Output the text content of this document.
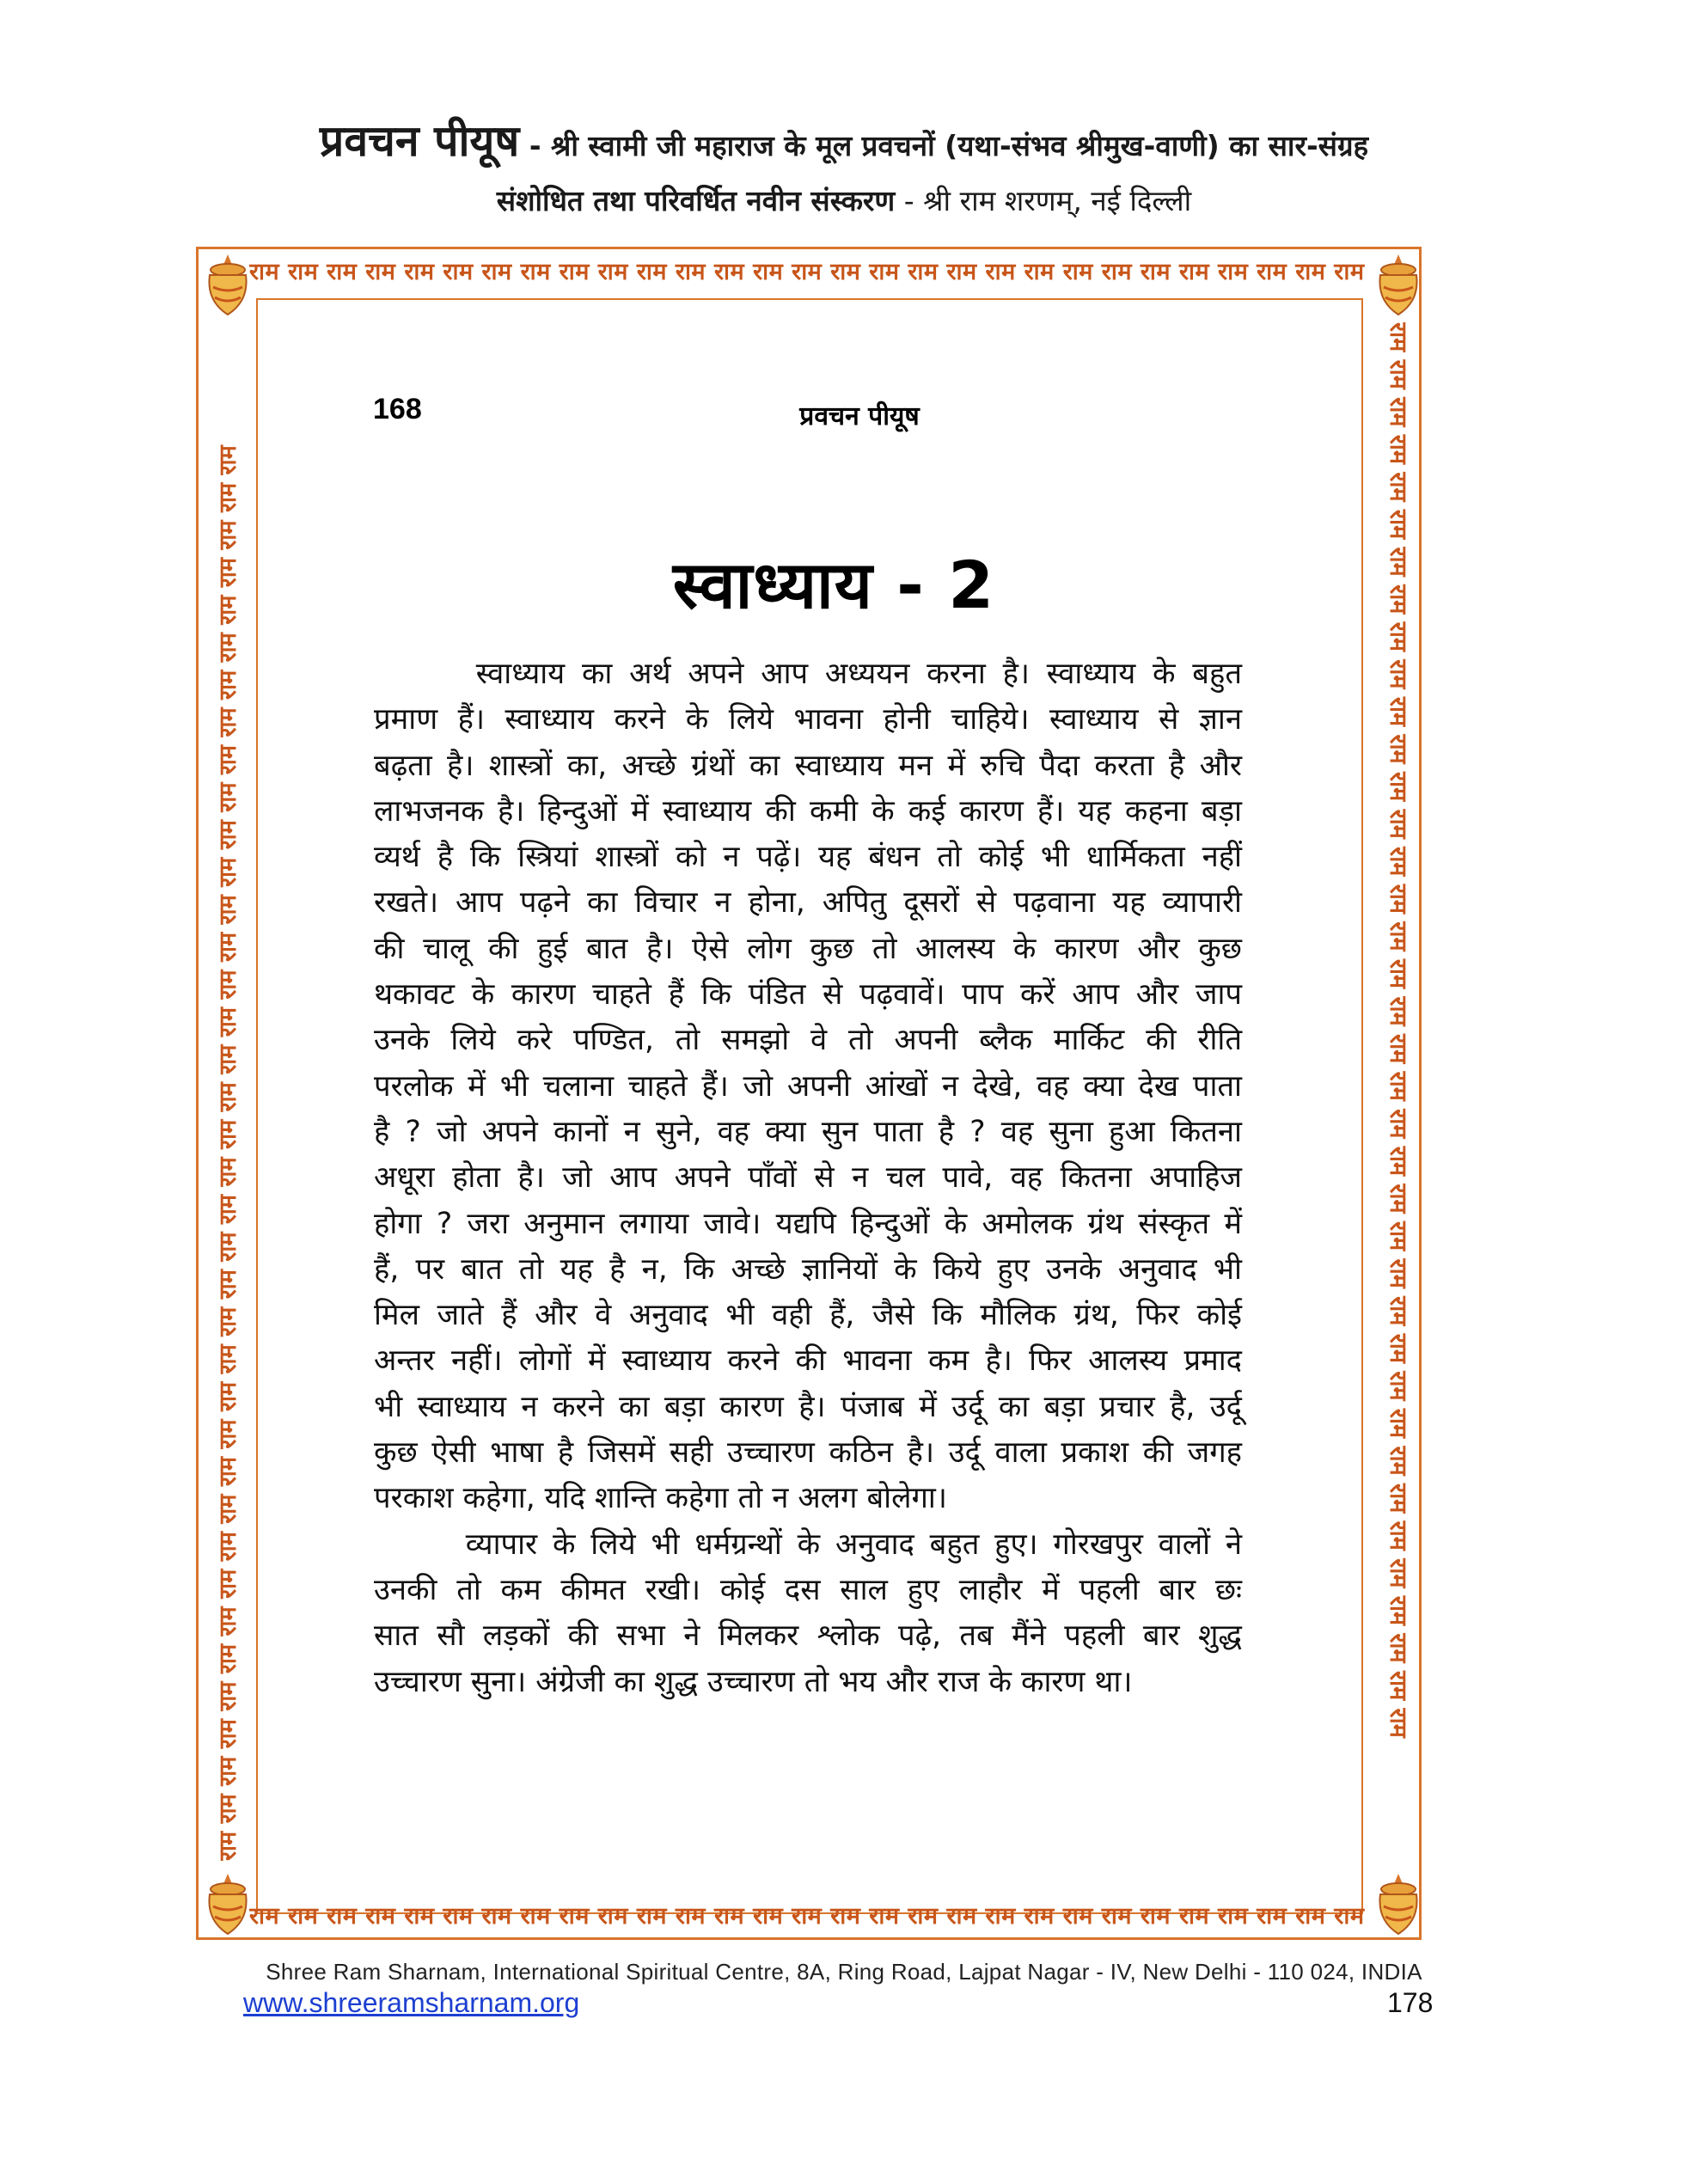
प्रवचन पीयूष - श्री स्वामी जी महाराज के मूल प्रवचनों (यथा-संभव श्रीमुख-वाणी) का सार-संग्रह
संशोधित तथा परिवर्धित नवीन संस्करण - श्री राम शरणम्, नई दिल्ली
राम राम राम राम राम राम राम राम राम राम राम राम राम राम राम राम राम राम राम राम राम राम राम राम राम राम राम राम राम
राम राम राम राम राम राम राम राम राम राम राम राम राम राम राम राम राम राम राम राम राम राम राम राम राम राम राम राम राम
राम राम राम राम राम राम राम राम राम राम राम राम राम राम राम राम राम राम राम राम राम राम राम राम राम राम राम राम राम राम राम राम राम राम राम राम राम राम	राम राम राम राम राम राम राम राम राम राम राम राम राम राम राम राम राम राम राम राम राम राम राम राम राम राम राम राम राम राम राम राम राम राम राम राम राम राम
168	प्रवचन पीयूष
स्वाध्याय - 2
स्वाध्याय का अर्थ अपने आप अध्ययन करना है। स्वाध्याय के बहुत
प्रमाण हैं। स्वाध्याय करने के लिये भावना होनी चाहिये। स्वाध्याय से ज्ञान
बढ़ता है। शास्त्रों का, अच्छे ग्रंथों का स्वाध्याय मन में रुचि पैदा करता है और
लाभजनक है। हिन्दुओं में स्वाध्याय की कमी के कई कारण हैं। यह कहना बड़ा
व्यर्थ है कि स्त्रियां शास्त्रों को न पढ़ें। यह बंधन तो कोई भी धार्मिकता नहीं
रखते। आप पढ़ने का विचार न होना, अपितु दूसरों से पढ़वाना यह व्यापारी
की चालू की हुई बात है। ऐसे लोग कुछ तो आलस्य के कारण और कुछ
थकावट के कारण चाहते हैं कि पंडित से पढ़वावें। पाप करें आप और जाप
उनके लिये करे पण्डित, तो समझो वे तो अपनी ब्लैक मार्किट की रीति
परलोक में भी चलाना चाहते हैं। जो अपनी आंखों न देखे, वह क्या देख पाता
है ? जो अपने कानों न सुने, वह क्या सुन पाता है ? वह सुना हुआ कितना
अधूरा होता है। जो आप अपने पाँवों से न चल पावे, वह कितना अपाहिज
होगा ? जरा अनुमान लगाया जावे। यद्यपि हिन्दुओं के अमोलक ग्रंथ संस्कृत में
हैं, पर बात तो यह है न, कि अच्छे ज्ञानियों के किये हुए उनके अनुवाद भी
मिल जाते हैं और वे अनुवाद भी वही हैं, जैसे कि मौलिक ग्रंथ, फिर कोई
अन्तर नहीं। लोगों में स्वाध्याय करने की भावना कम है। फिर आलस्य प्रमाद
भी स्वाध्याय न करने का बड़ा कारण है। पंजाब में उर्दू का बड़ा प्रचार है, उर्दू
कुछ ऐसी भाषा है जिसमें सही उच्चारण कठिन है। उर्दू वाला प्रकाश की जगह
परकाश कहेगा, यदि शान्ति कहेगा तो न अलग बोलेगा।
व्यापार के लिये भी धर्मग्रन्थों के अनुवाद बहुत हुए। गोरखपुर वालों ने
उनकी तो कम कीमत रखी। कोई दस साल हुए लाहौर में पहली बार छः
सात सौ लड़कों की सभा ने मिलकर श्लोक पढ़े, तब मैंने पहली बार शुद्ध
उच्चारण सुना। अंग्रेजी का शुद्ध उच्चारण तो भय और राज के कारण था।
Shree Ram Sharnam, International Spiritual Centre, 8A, Ring Road, Lajpat Nagar - IV, New Delhi - 110 024, INDIA
www.shreeramsharnam.org	178
